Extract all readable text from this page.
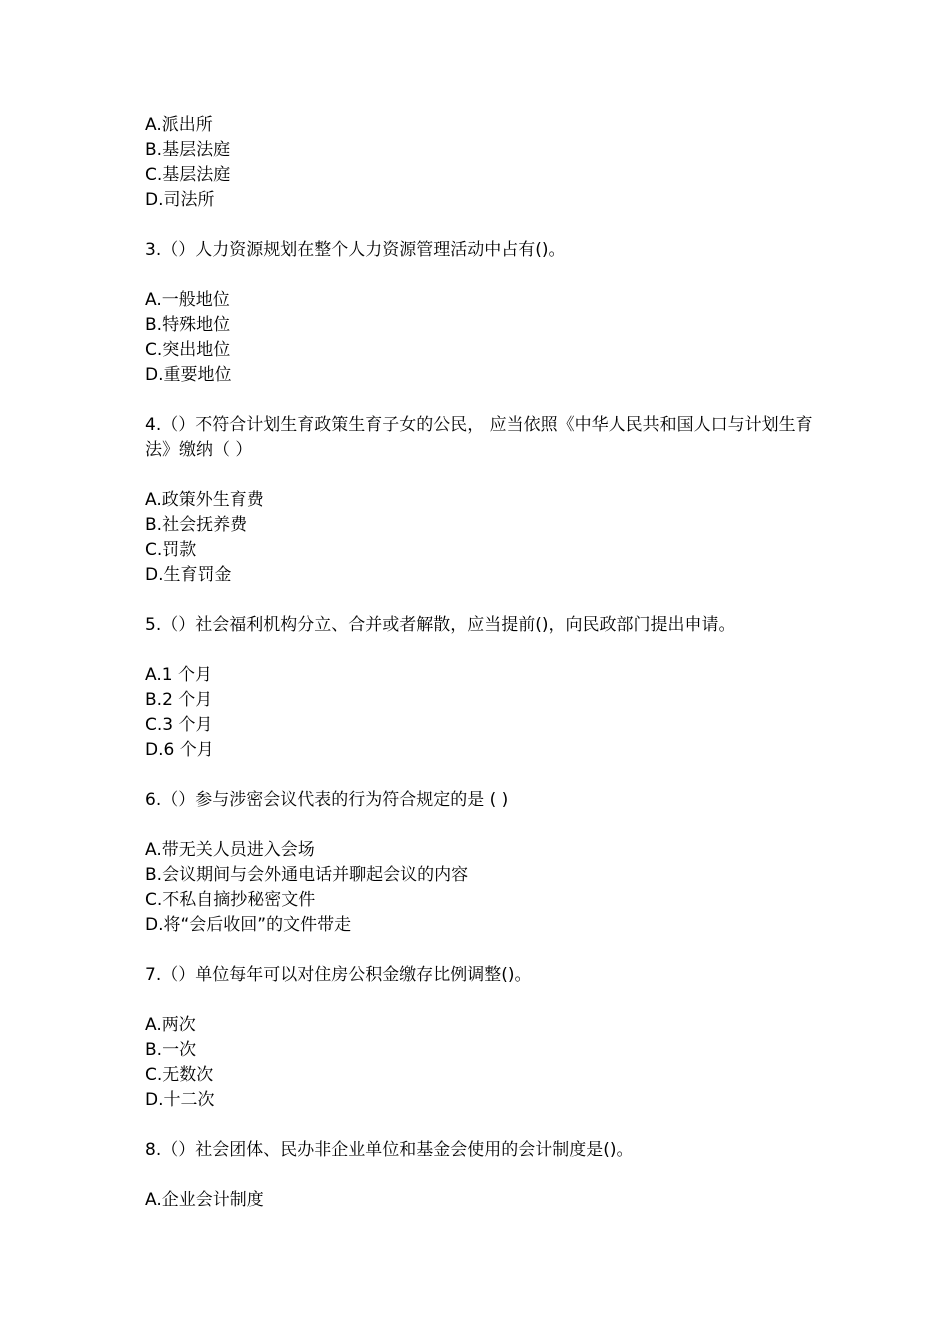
A.派出所
B.基层法庭
C.基层法庭
D.司法所
3.（）人力资源规划在整个人力资源管理活动中占有()。
A.一般地位
B.特殊地位
C.突出地位
D.重要地位
4.（）不符合计划生育政策生育子女的公民， 应当依照《中华人民共和国人口与计划生育法》缴纳（ ）
A.政策外生育费
B.社会抚养费
C.罚款
D.生育罚金
5.（）社会福利机构分立、合并或者解散，应当提前()，向民政部门提出申请。
A.1 个月
B.2 个月
C.3 个月
D.6 个月
6.（）参与涉密会议代表的行为符合规定的是 ( )
A.带无关人员进入会场
B.会议期间与会外通电话并聊起会议的内容
C.不私自摘抄秘密文件
D.将“会后收回”的文件带走
7.（）单位每年可以对住房公积金缴存比例调整()。
A.两次
B.一次
C.无数次
D.十二次
8.（）社会团体、民办非企业单位和基金会使用的会计制度是()。
A.企业会计制度
